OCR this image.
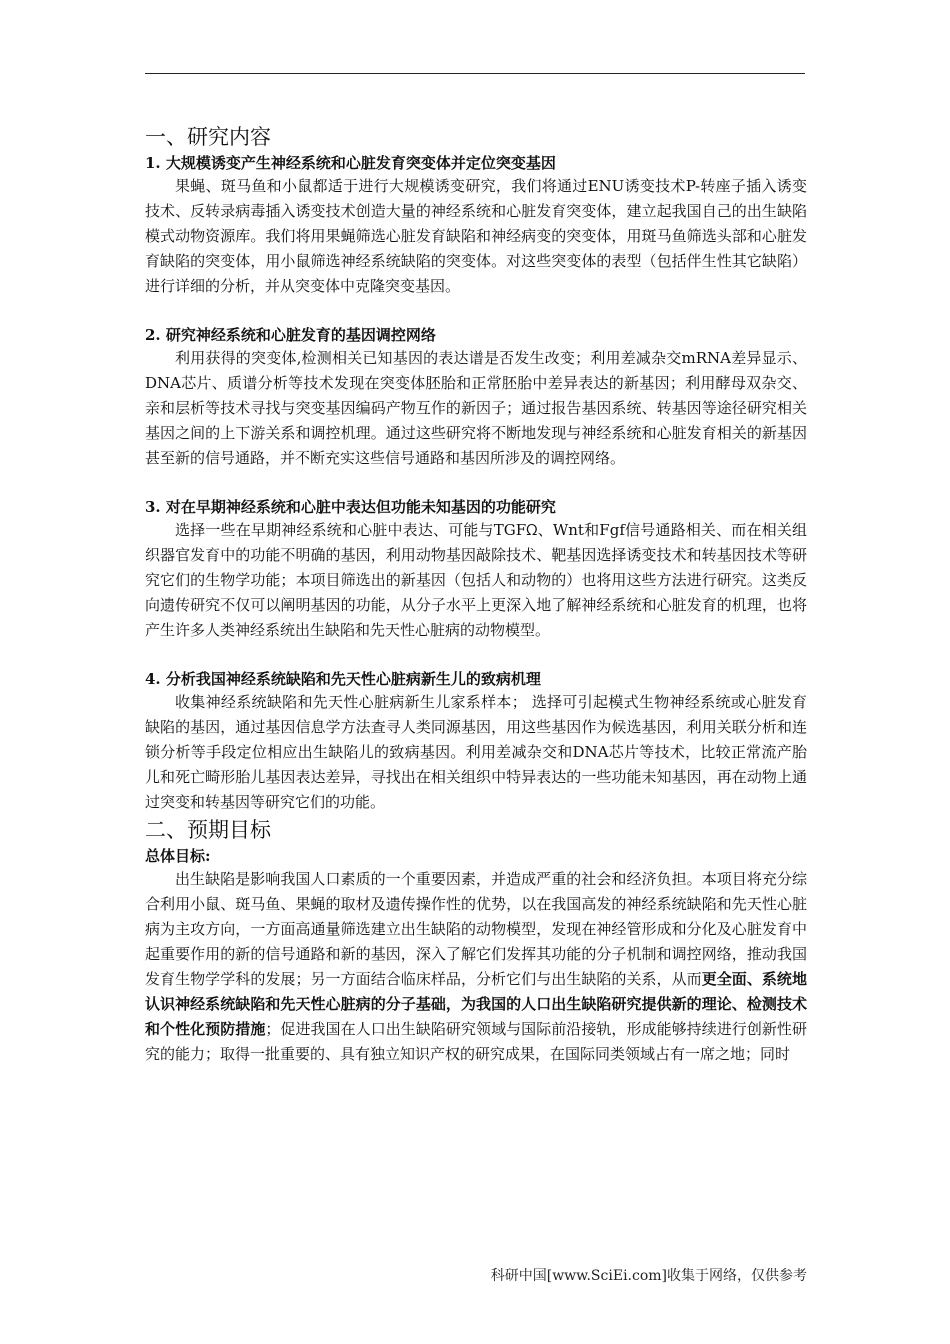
一、研究内容

1. 大规模诱变产生神经系统和心脏发育突变体并定位突变基因

果蝇、斑马鱼和小鼠都适于进行大规模诱变研究，我们将通过ENU诱变技术P-转座子插入诱变技术、反转录病毒插入诱变技术创造大量的神经系统和心脏发育突变体，建立起我国自己的出生缺陷模式动物资源库。我们将用果蝇筛选心脏发育缺陷和神经病变的突变体，用斑马鱼筛选头部和心脏发育缺陷的突变体，用小鼠筛选神经系统缺陷的突变体。对这些突变体的表型（包括伴生性其它缺陷）进行详细的分析，并从突变体中克隆突变基因。

2. 研究神经系统和心脏发育的基因调控网络

利用获得的突变体,检测相关已知基因的表达谱是否发生改变；利用差减杂交mRNA差异显示、DNA芯片、质谱分析等技术发现在突变体胚胎和正常胚胎中差异表达的新基因；利用酵母双杂交、亲和层析等技术寻找与突变基因编码产物互作的新因子；通过报告基因系统、转基因等途径研究相关基因之间的上下游关系和调控机理。通过这些研究将不断地发现与神经系统和心脏发育相关的新基因甚至新的信号通路，并不断充实这些信号通路和基因所涉及的调控网络。

3. 对在早期神经系统和心脏中表达但功能未知基因的功能研究

选择一些在早期神经系统和心脏中表达、可能与TGFᘯ、Wnt和Fgf信号通路相关、而在相关组织器官发育中的功能不明确的基因，利用动物基因敲除技术、靶基因选择诱变技术和转基因技术等研究它们的生物学功能；本项目筛选出的新基因（包括人和动物的）也将用这些方法进行研究。这类反向遗传研究不仅可以阐明基因的功能，从分子水平上更深入地了解神经系统和心脏发育的机理，也将产生许多人类神经系统出生缺陷和先天性心脏病的动物模型。

4. 分析我国神经系统缺陷和先天性心脏病新生儿的致病机理

收集神经系统缺陷和先天性心脏病新生儿家系样本； 选择可引起模式生物神经系统或心脏发育缺陷的基因，通过基因信息学方法查寻人类同源基因，用这些基因作为候选基因，利用关联分析和连锁分析等手段定位相应出生缺陷儿的致病基因。利用差减杂交和DNA芯片等技术，比较正常流产胎儿和死亡畸形胎儿基因表达差异，寻找出在相关组织中特异表达的一些功能未知基因，再在动物上通过突变和转基因等研究它们的功能。

二、预期目标

总体目标:

出生缺陷是影响我国人口素质的一个重要因素，并造成严重的社会和经济负担。本项目将充分综合利用小鼠、斑马鱼、果蝇的取材及遗传操作性的优势，以在我国高发的神经系统缺陷和先天性心脏病为主攻方向，一方面高通量筛选建立出生缺陷的动物模型，发现在神经管形成和分化及心脏发育中起重要作用的新的信号通路和新的基因，深入了解它们发挥其功能的分子机制和调控网络，推动我国发育生物学学科的发展；另一方面结合临床样品，分析它们与出生缺陷的关系，从而更全面、系统地认识神经系统缺陷和先天性心脏病的分子基础，为我国的人口出生缺陷研究提供新的理论、检测技术和个性化预防措施；促进我国在人口出生缺陷研究领域与国际前沿接轨，形成能够持续进行创新性研究的能力；取得一批重要的、具有独立知识产权的研究成果，在国际同类领域占有一席之地；同时

科研中国[www.SciEi.com]收集于网络，仅供参考
